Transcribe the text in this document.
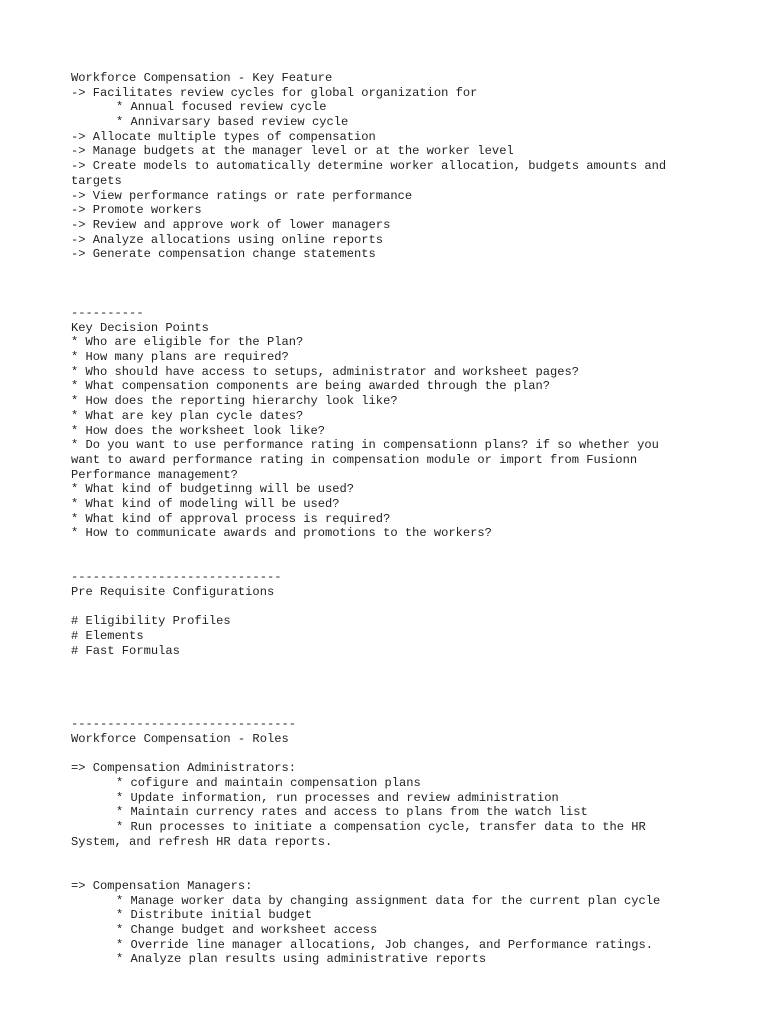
Workforce Compensation - Key Feature
-> Facilitates review cycles for global organization for
* Annual focused review cycle
* Annivarsary based review cycle
-> Allocate multiple types of compensation
-> Manage budgets at the manager level or at the worker level
-> Create models to automatically determine worker allocation, budgets amounts and
targets
-> View performance ratings or rate performance
-> Promote workers
-> Review and approve work of lower managers
-> Analyze allocations using online reports
-> Generate compensation change statements
----------
Key Decision Points
* Who are eligible for the Plan?
* How many plans are required?
* Who should have access to setups, administrator and worksheet pages?
* What compensation components are being awarded through the plan?
* How does the reporting hierarchy look like?
* What are key plan cycle dates?
* How does the worksheet look like?
* Do you want to use performance rating in compensationn plans? if so whether you
want to award performance rating in compensation module or import from Fusionn
Performance management?
* What kind of budgetinng will be used?
* What kind of modeling will be used?
* What kind of approval process is required?
* How to communicate awards and promotions to the workers?
-----------------------------
Pre Requisite Configurations
# Eligibility Profiles
# Elements
# Fast Formulas
-------------------------------
Workforce Compensation - Roles
=> Compensation Administrators:
* cofigure and maintain compensation plans
* Update information, run processes and review administration
* Maintain currency rates and access to plans from the watch list
* Run processes to initiate a compensation cycle, transfer data to the HR
System, and refresh HR data reports.
=> Compensation Managers:
* Manage worker data by changing assignment data for the current plan cycle
* Distribute initial budget
* Change budget and worksheet access
* Override line manager allocations, Job changes, and Performance ratings.
* Analyze plan results using administrative reports
